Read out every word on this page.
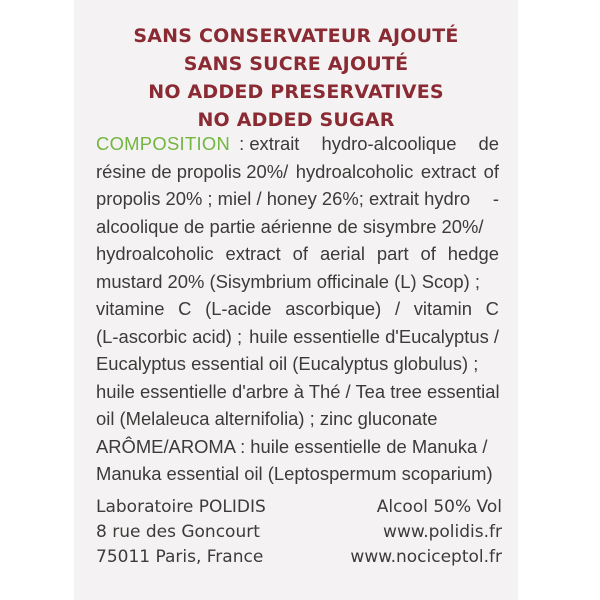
SANS CONSERVATEUR AJOUTÉ
SANS SUCRE AJOUTÉ
NO ADDED PRESERVATIVES
NO ADDED SUGAR
COMPOSITION : extrait hydro-alcoolique de
résine de propolis 20%/ hydroalcoholic extract of
propolis 20% ; miel / honey 26%; extrait hydro -
alcoolique de partie aérienne de sisymbre 20%/
hydroalcoholic extract of aerial part of hedge
mustard 20% (Sisymbrium officinale (L) Scop) ;
vitamine C (L-acide ascorbique) / vitamin C
(L-ascorbic acid) ; huile essentielle d'Eucalyptus /
Eucalyptus essential oil (Eucalyptus globulus) ;
huile essentielle d'arbre à Thé / Tea tree essential
oil (Melaleuca alternifolia) ; zinc gluconate
ARÔME/AROMA : huile essentielle de Manuka /
Manuka essential oil (Leptospermum scoparium)
Laboratoire POLIDIS	Alcool 50% Vol
8 rue des Goncourt	www.polidis.fr
75011 Paris, France	www.nociceptol.fr
